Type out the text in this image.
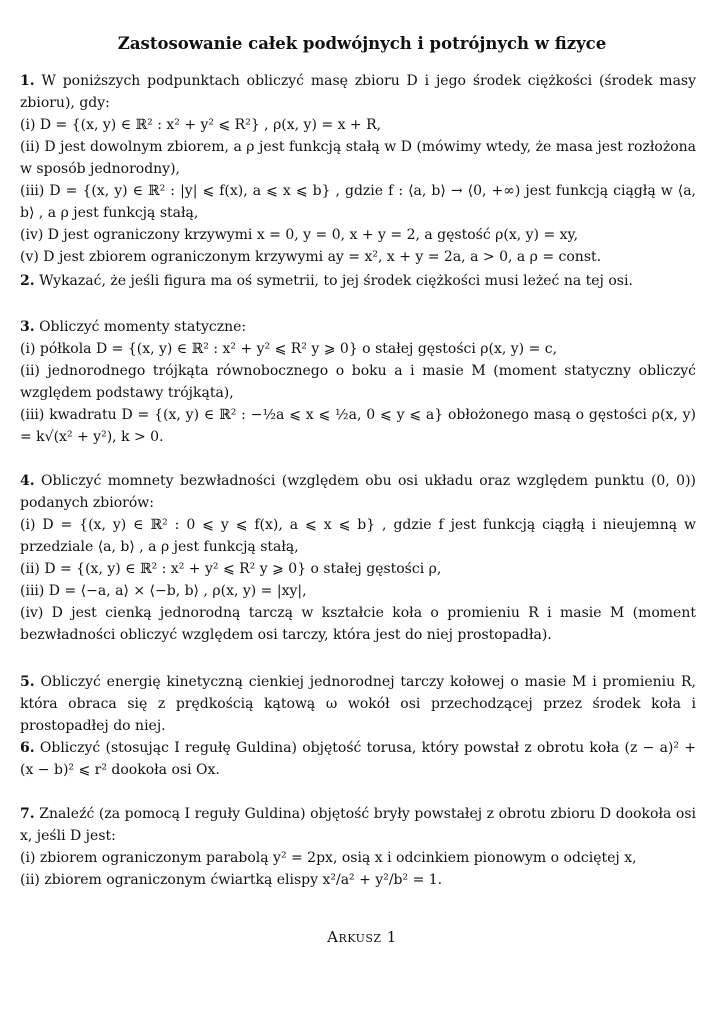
Zastosowanie całek podwójnych i potrójnych w fizyce

1. W poniższych podpunktach obliczyć masę zbioru D i jego środek ciężkości (środek masy zbioru), gdy:

(i) D = {(x, y) ∈ ℝ² : x² + y² ⩽ R²} , ρ(x, y) = x + R,

(ii) D jest dowolnym zbiorem, a ρ jest funkcją stałą w D (mówimy wtedy, że masa jest rozłożona w sposób jednorodny),

(iii) D = {(x, y) ∈ ℝ² : |y| ⩽ f(x), a ⩽ x ⩽ b} , gdzie f : ⟨a, b⟩ → ⟨0, +∞) jest funkcją ciągłą w ⟨a, b⟩ , a ρ jest funkcją stałą,

(iv) D jest ograniczony krzywymi x = 0, y = 0, x + y = 2, a gęstość ρ(x, y) = xy,

(v) D jest zbiorem ograniczonym krzywymi ay = x², x + y = 2a, a > 0, a ρ = const.

2. Wykazać, że jeśli figura ma oś symetrii, to jej środek ciężkości musi leżeć na tej osi.

3. Obliczyć momenty statyczne:

(i) półkola D = {(x, y) ∈ ℝ² : x² + y² ⩽ R² y ⩾ 0} o stałej gęstości ρ(x, y) = c,

(ii) jednorodnego trójkąta równobocznego o boku a i masie M (moment statyczny obliczyć względem podstawy trójkąta),

(iii) kwadratu D = {(x, y) ∈ ℝ² : −½a ⩽ x ⩽ ½a, 0 ⩽ y ⩽ a} obłożonego masą o gęstości ρ(x, y) = k√(x² + y²), k > 0.

4. Obliczyć momnety bezwładności (względem obu osi układu oraz względem punktu (0, 0)) podanych zbiorów:

(i) D = {(x, y) ∈ ℝ² : 0 ⩽ y ⩽ f(x), a ⩽ x ⩽ b} , gdzie f jest funkcją ciągłą i nieujemną w przedziale ⟨a, b⟩ , a ρ jest funkcją stałą,

(ii) D = {(x, y) ∈ ℝ² : x² + y² ⩽ R² y ⩾ 0} o stałej gęstości ρ,

(iii) D = ⟨−a, a⟩ × ⟨−b, b⟩ , ρ(x, y) = |xy|,

(iv) D jest cienką jednorodną tarczą w kształcie koła o promieniu R i masie M (moment bezwładności obliczyć względem osi tarczy, która jest do niej prostopadła).

5. Obliczyć energię kinetyczną cienkiej jednorodnej tarczy kołowej o masie M i promieniu R, która obraca się z prędkością kątową ω wokół osi przechodzącej przez środek koła i prostopadłej do niej.

6. Obliczyć (stosując I regułę Guldina) objętość torusa, który powstał z obrotu koła (z − a)² + (x − b)² ⩽ r² dookoła osi Ox.

7. Znaleźć (za pomocą I reguły Guldina) objętość bryły powstałej z obrotu zbioru D dookoła osi x, jeśli D jest:

(i) zbiorem ograniczonym parabolą y² = 2px, osią x i odcinkiem pionowym o odciętej x,

(ii) zbiorem ograniczonym ćwiartką elispy x²/a² + y²/b² = 1.

Arkusz 1
